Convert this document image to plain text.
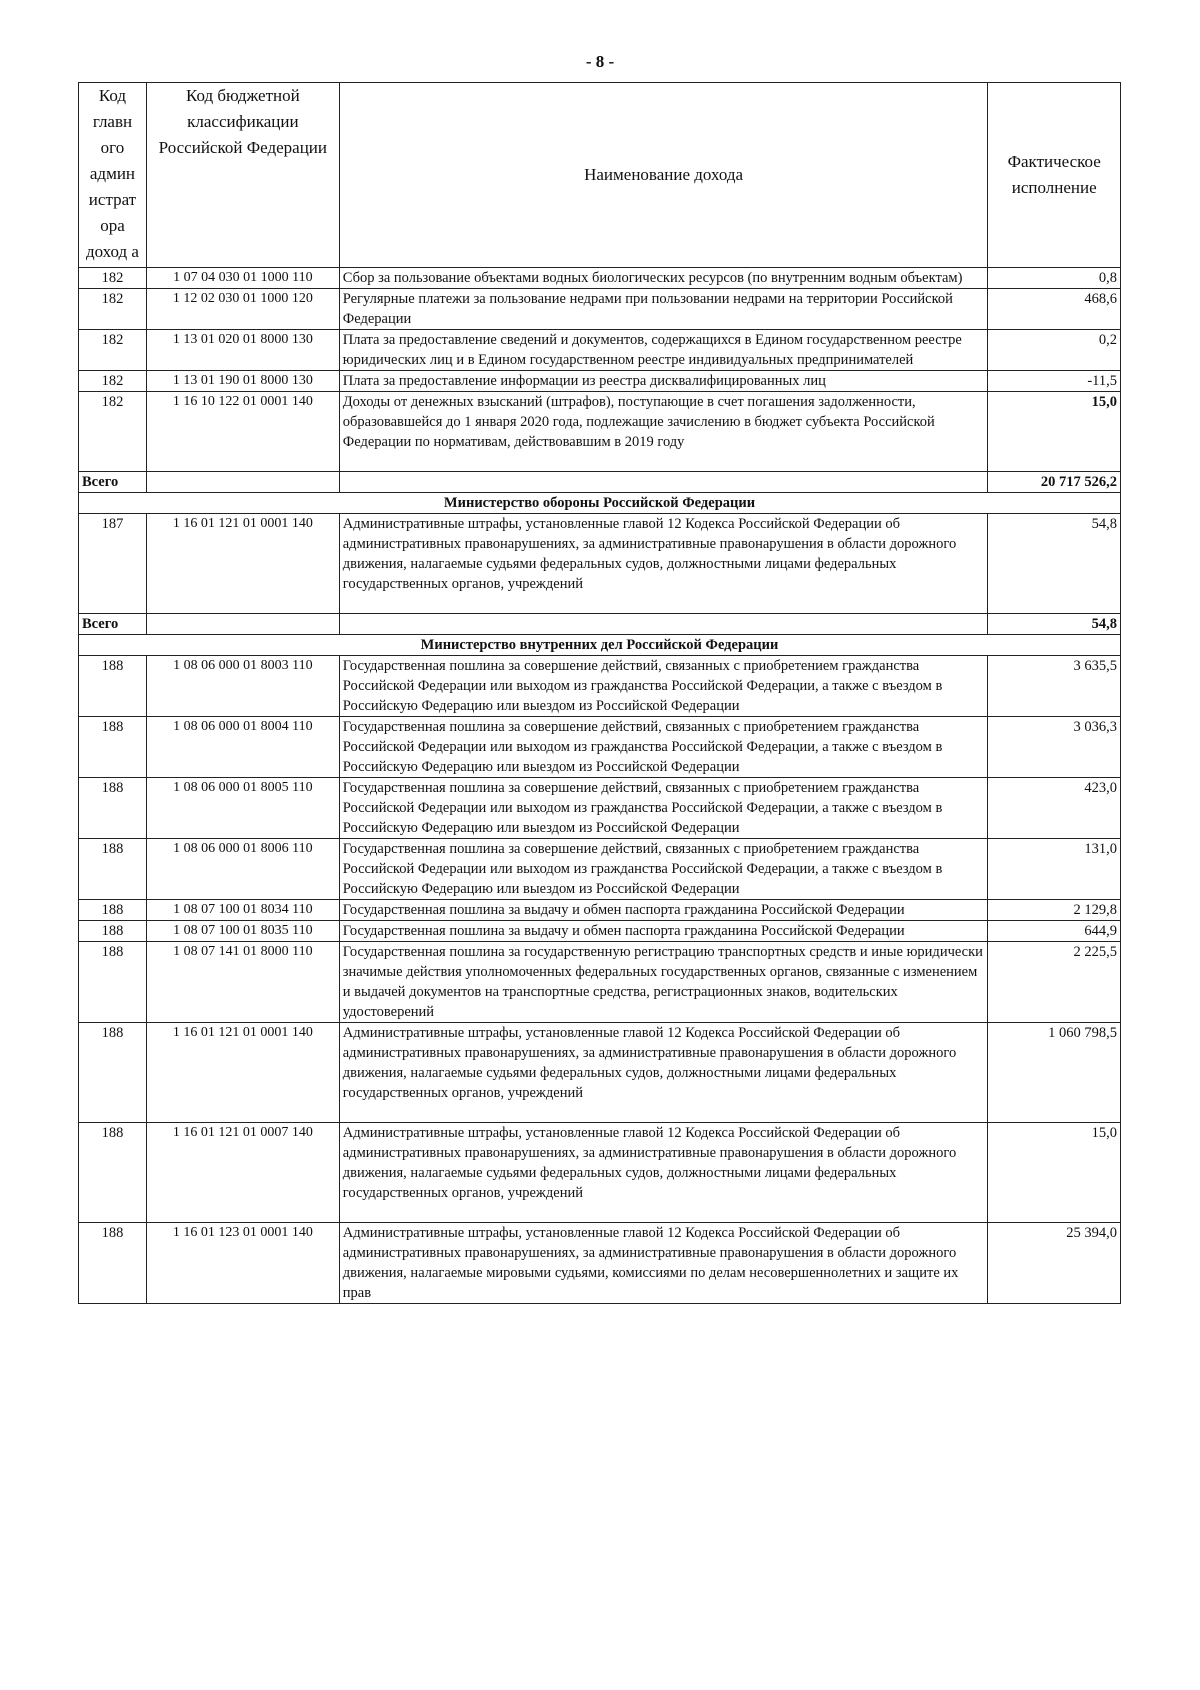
- 8 -
Код главн ого админ истрат ора доход а	Код бюджетной классификации Российской Федерации	Наименование дохода	Фактическое исполнение
182	1 07 04 030 01 1000 110	Сбор за пользование объектами водных биологических ресурсов (по внутренним водным объектам)	0,8
182	1 12 02 030 01 1000 120	Регулярные платежи за пользование недрами при пользовании недрами на территории Российской Федерации	468,6
182	1 13 01 020 01 8000 130	Плата за предоставление сведений и документов, содержащихся в Едином государственном реестре юридических лиц и в Едином государственном реестре индивидуальных предпринимателей	0,2
182	1 13 01 190 01 8000 130	Плата за предоставление информации из реестра дисквалифицированных лиц	-11,5
182	1 16 10 122 01 0001 140	Доходы от денежных взысканий (штрафов), поступающие в счет погашения задолженности, образовавшейся до 1 января 2020 года, подлежащие зачислению в бюджет субъекта Российской Федерации по нормативам, действовавшим в 2019 году	15,0
Всего			20 717 526,2
Министерство обороны Российской Федерации			
187	1 16 01 121 01 0001 140	Административные штрафы, установленные главой 12 Кодекса Российской Федерации об административных правонарушениях, за административные правонарушения в области дорожного движения, налагаемые судьями федеральных судов, должностными лицами федеральных государственных органов, учреждений	54,8
Всего			54,8
Министерство внутренних дел Российской Федерации			
188	1 08 06 000 01 8003 110	Государственная пошлина за совершение действий, связанных с приобретением гражданства Российской Федерации или выходом из гражданства Российской Федерации, а также с въездом в Российскую Федерацию или выездом из Российской Федерации	3 635,5
188	1 08 06 000 01 8004 110	Государственная пошлина за совершение действий, связанных с приобретением гражданства Российской Федерации или выходом из гражданства Российской Федерации, а также с въездом в Российскую Федерацию или выездом из Российской Федерации	3 036,3
188	1 08 06 000 01 8005 110	Государственная пошлина за совершение действий, связанных с приобретением гражданства Российской Федерации или выходом из гражданства Российской Федерации, а также с въездом в Российскую Федерацию или выездом из Российской Федерации	423,0
188	1 08 06 000 01 8006 110	Государственная пошлина за совершение действий, связанных с приобретением гражданства Российской Федерации или выходом из гражданства Российской Федерации, а также с въездом в Российскую Федерацию или выездом из Российской Федерации	131,0
188	1 08 07 100 01 8034 110	Государственная пошлина за выдачу и обмен паспорта гражданина Российской Федерации	2 129,8
188	1 08 07 100 01 8035 110	Государственная пошлина за выдачу и обмен паспорта гражданина Российской Федерации	644,9
188	1 08 07 141 01 8000 110	Государственная пошлина за государственную регистрацию транспортных средств и иные юридически значимые действия уполномоченных федеральных государственных органов, связанные с изменением и выдачей документов на транспортные средства, регистрационных знаков, водительских удостоверений	2 225,5
188	1 16 01 121 01 0001 140	Административные штрафы, установленные главой 12 Кодекса Российской Федерации об административных правонарушениях, за административные правонарушения в области дорожного движения, налагаемые судьями федеральных судов, должностными лицами федеральных государственных органов, учреждений	1 060 798,5
188	1 16 01 121 01 0007 140	Административные штрафы, установленные главой 12 Кодекса Российской Федерации об административных правонарушениях, за административные правонарушения в области дорожного движения, налагаемые судьями федеральных судов, должностными лицами федеральных государственных органов, учреждений	15,0
188	1 16 01 123 01 0001 140	Административные штрафы, установленные главой 12 Кодекса Российской Федерации об административных правонарушениях, за административные правонарушения в области дорожного движения, налагаемые мировыми судьями, комиссиями по делам несовершеннолетних и защите их прав	25 394,0
